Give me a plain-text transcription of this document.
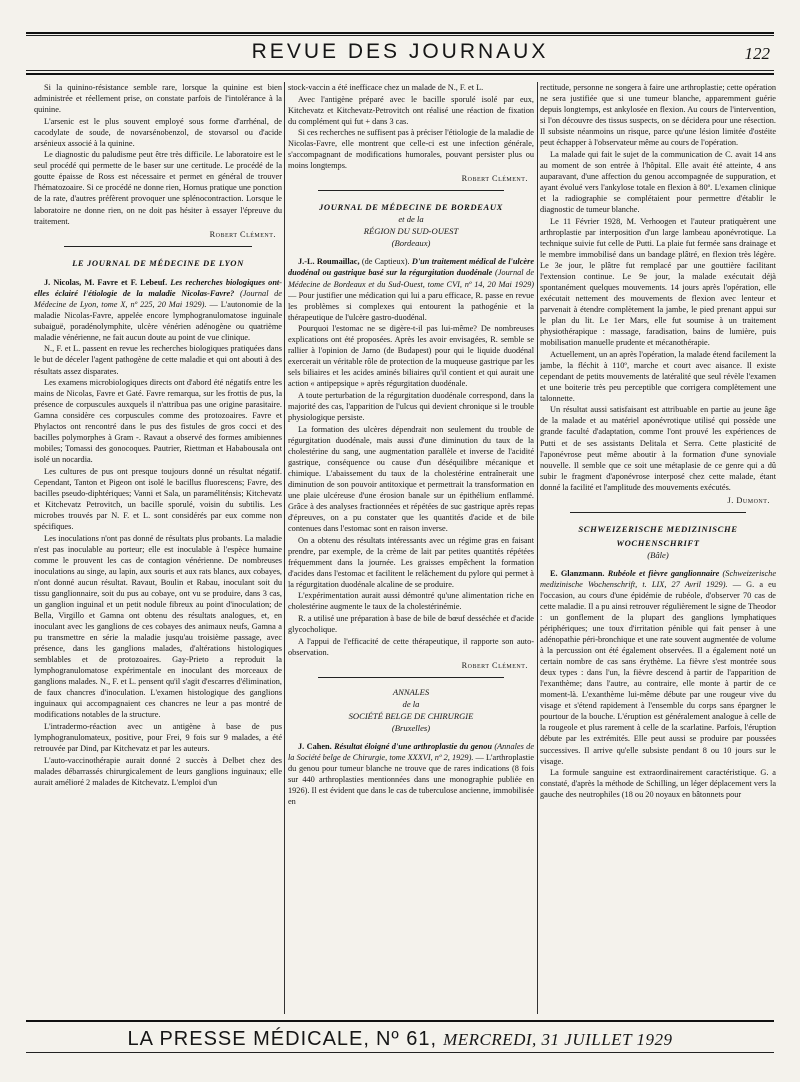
REVUE DES JOURNAUX	122

Si la quinino-résistance semble rare, lorsque la quinine est bien administrée et réellement prise, on constate parfois de l'intolérance à la quinine.

L'arsenic est le plus souvent employé sous forme d'arrhénal, de cacodylate de soude, de novarsénobenzol, de stovarsol ou d'acide arsénieux associé à la quinine.

Le diagnostic du paludisme peut être très difficile. Le laboratoire est le seul procédé qui permette de le baser sur une certitude. Le procédé de la goutte épaisse de Ross est nécessaire et permet en général de trouver l'hématozoaire. Si ce procédé ne donne rien, Hornus pratique une ponction de la rate, d'autres préfèrent provoquer une splénocontraction. Lorsque le laboratoire ne donne rien, on ne doit pas hésiter à essayer l'épreuve du traitement.

Robert Clément.
LE JOURNAL DE MÉDECINE DE LYON

J. Nicolas, M. Favre et F. Lebeuf. Les recherches biologiques ont-elles éclairé l'étiologie de la maladie Nicolas-Favre? (Journal de Médecine de Lyon, tome X, nº 225, 20 Mai 1929). — L'autonomie de la maladie Nicolas-Favre, appelée encore lymphogranulomatose inguinale subaiguë, poradénolymphite, ulcère vénérien adénogène ou quatrième maladie vénérienne, ne fait aucun doute au point de vue clinique.

N., F. et L. passent en revue les recherches biologiques pratiquées dans le but de déceler l'agent pathogène de cette maladie et qui ont abouti à des résultats assez disparates.

Les examens microbiologiques directs ont d'abord été négatifs entre les mains de Nicolas, Favre et Gaté. Favre remarqua, sur les frottis de pus, la présence de corpuscules auxquels il n'attribua pas une origine parasitaire. Gamna considère ces corpuscules comme des protozoaires. Favre et Phylactos ont rencontré dans le pus des fistules de gros cocci et des bacilles polymorphes à Gram -. Ravaut a observé des formes amibiennes mobiles; Tomassi des gonocoques. Pautrier, Riettman et Hababousala ont isolé un nocardia.

Les cultures de pus ont presque toujours donné un résultat négatif. Cependant, Tanton et Pigeon ont isolé le bacillus fluorescens; Favre, des bacilles pseudo-diphtériques; Vanni et Sala, un paraméliténsis; Kitchevatz et Kitchevatz Petrovitch, un bacille sporulé, voisin du subtilis. Les microbes trouvés par N. F. et L. sont considérés par eux comme non spécifiques.

Les inoculations n'ont pas donné de résultats plus probants. La maladie n'est pas inoculable au porteur; elle est inoculable à l'espèce humaine comme le prouvent les cas de contagion vénérienne. De nombreuses inoculations au singe, au lapin, aux souris et aux rats blancs, aux cobayes, n'ont donné aucun résultat. Ravaut, Boulin et Rabau, inoculant soit du tissu ganglionnaire, soit du pus au cobaye, ont vu se produire, dans 3 cas, un ganglion inguinal et un petit nodule fibreux au point d'inoculation; de Bella, Virgillo et Gamna ont obtenu des résultats analogues, et, en inoculant avec les ganglions de ces cobayes des animaux neufs, Gamna a pu transmettre en série la maladie jusqu'au troisième passage, avec présence, dans les ganglions malades, d'altérations histologiques semblables et de protozoaires. Gay-Prieto a reproduit la lymphogranulomatose expérimentale en inoculant des morceaux de ganglions malades. N., F. et L. pensent qu'il s'agit d'escarres d'élimination, de faux chancres d'inoculation. L'examen histologique des ganglions inguinaux qui accompagnaient ces chancres ne leur a pas montré de modifications notables de la structure.

L'intradermo-réaction avec un antigène à base de pus lymphogranulomateux, positive, pour Frei, 9 fois sur 9 malades, a été retrouvée par Dind, par Kitchevatz et par les auteurs.

L'auto-vaccinothérapie aurait donné 2 succès à Delbet chez des malades débarrassés chirurgicalement de leurs ganglions inguinaux; elle aurait amélioré 2 malades de Kitchevatz. L'emploi d'un

stock-vaccin a été inefficace chez un malade de N., F. et L.

Avec l'antigène préparé avec le bacille sporulé isolé par eux, Kitchevatz et Kitchevatz-Petrovitch ont réalisé une réaction de fixation du complément qui fut + dans 3 cas.

Si ces recherches ne suffisent pas à préciser l'étiologie de la maladie de Nicolas-Favre, elle montrent que celle-ci est une infection générale, s'accompagnant de modifications humorales, pouvant persister plus ou moins longtemps.

Robert Clément.
JOURNAL DE MÉDECINE DE BORDEAUX
et de la
RÉGION DU SUD-OUEST
(Bordeaux)

J.-L. Roumaillac, (de Captieux). D'un traitement médical de l'ulcère duodénal ou gastrique basé sur la régurgitation duodénale (Journal de Médecine de Bordeaux et du Sud-Ouest, tome CVI, nº 14, 20 Mai 1929) — Pour justifier une médication qui lui a paru efficace, R. passe en revue les problèmes si complexes qui entourent la pathogénie et la thérapeutique de l'ulcère gastro-duodénal.

Pourquoi l'estomac ne se digère-t-il pas lui-même? De nombreuses explications ont été proposées. Après les avoir envisagées, R. semble se rallier à l'opinion de Jarno (de Budapest) pour qui le liquide duodénal exercerait un véritable rôle de protection de la muqueuse gastrique par les sels biliaires et les acides aminés biliaires qu'il contient et qui aurait une action « antipepsique » après régurgitation duodénale.

A toute perturbation de la régurgitation duodénale correspond, dans la majorité des cas, l'apparition de l'ulcus qui devient chronique si le trouble physiologique persiste.

La formation des ulcères dépendrait non seulement du trouble de régurgitation duodénale, mais aussi d'une diminution du taux de la cholestérine du sang, une augmentation parallèle et inverse de l'acidité gastrique, conséquence ou cause d'un déséquilibre mécanique et chimique. L'abaissement du taux de la cholestérine entraînerait une diminution de son pouvoir antitoxique et permettrait la transformation en une plaie ulcéreuse d'une érosion banale sur un épithélium enflammé. Grâce à des analyses fractionnées et répétées de suc gastrique après repas d'épreuves, on a pu constater que les quantités d'acide et de bile contenues dans l'estomac sont en raison inverse.

On a obtenu des résultats intéressants avec un régime gras en faisant prendre, par exemple, de la crème de lait par petites quantités répétées fréquemment dans la journée. Les graisses empêchent la formation d'acides dans l'estomac et facilitent le relâchement du pylore qui permet à la régurgitation duodénale alcaline de se produire.

L'expérimentation aurait aussi démontré qu'une alimentation riche en cholestérine augmente le taux de la cholestérinémie.

R. a utilisé une préparation à base de bile de bœuf desséchée et d'acide glycocholique.

A l'appui de l'efficacité de cette thérapeutique, il rapporte son auto-observation.

Robert Clément.
ANNALES
de la
SOCIÉTÉ BELGE DE CHIRURGIE
(Bruxelles)

J. Cahen. Résultat éloigné d'une arthroplastie du genou (Annales de la Société belge de Chirurgie, tome XXXVI, nº 2, 1929). — L'arthroplastie du genou pour tumeur blanche ne trouve que de rares indications (8 fois sur 440 arthroplasties mentionnées dans une monographie publiée en 1926). Il est évident que dans le cas de tuberculose ancienne, immobilisée en

rectitude, personne ne songera à faire une arthroplastie; cette opération ne sera justifiée que si une tumeur blanche, apparemment guérie depuis longtemps, est ankylosée en flexion. Au cours de l'intervention, si l'on découvre des tissus suspects, on se décidera pour une résection. Il subsiste néanmoins un risque, parce qu'une lésion limitée d'ostéite peut échapper à l'observateur même au cours de l'opération.

La malade qui fait le sujet de la communication de C. avait 14 ans au moment de son entrée à l'hôpital. Elle avait été atteinte, 4 ans auparavant, d'une affection du genou accompagnée de suppuration, et ayant évolué vers l'ankylose totale en flexion à 80º. L'examen clinique et la radiographie se complétaient pour permettre d'établir le diagnostic de tumeur blanche.

Le 11 Février 1928, M. Verhoogen et l'auteur pratiquèrent une arthroplastie par interposition d'un large lambeau aponévrotique. La technique suivie fut celle de Putti. La plaie fut fermée sans drainage et le membre immobilisé dans un bandage plâtré, en flexion très légère. Le 3e jour, le plâtre fut remplacé par une gouttière facilitant l'extension continue. Le 9e jour, la malade exécutait déjà spontanément quelques mouvements. 14 jours après l'opération, elle exécutait nettement des mouvements de flexion avec lenteur et parvenait à étendre complètement la jambe, le pied prenant appui sur le plan du lit. Le 1er Mars, elle fut soumise à un traitement physiothérapique : massage, faradisation, bains de lumière, puis mobilisation manuelle prudente et mécanothérapie.

Actuellement, un an après l'opération, la malade étend facilement la jambe, la fléchit à 110º, marche et court avec aisance. Il existe cependant de petits mouvements de latéralité que seul révèle l'examen et une boiterie très peu perceptible que corrigera complètement une talonnette.

Un résultat aussi satisfaisant est attribuable en partie au jeune âge de la malade et au matériel aponévrotique utilisé qui possède une grande faculté d'adaptation, comme l'ont prouvé les expériences de Putti et de ses assistants Delitala et Serra. Cette plasticité de l'aponévrose peut même aboutir à la formation d'une synoviale nouvelle. Il semble que ce soit une métaplasie de ce genre qui a dû subir le fragment d'aponévrose interposé chez cette malade, étant donné la facilité et l'amplitude des mouvements exécutés.

J. Dumont.
SCHWEIZERISCHE MEDIZINISCHE
WOCHENSCHRIFT
(Bâle)

E. Glanzmann. Rubéole et fièvre ganglionnaire (Schweizerische medizinische Wochenschrift, t. LIX, 27 Avril 1929). — G. a eu l'occasion, au cours d'une épidémie de rubéole, d'observer 70 cas de cette maladie. Il a pu ainsi retrouver régulièrement le signe de Theodor : un gonflement de la plupart des ganglions lymphatiques périphériques; une toux d'irritation pénible qui fait penser à une adénopathie péri-bronchique et une rate souvent augmentée de volume à la percussion ont été également observées. Il a également noté un certain nombre de cas sans érythème. La fièvre s'est montrée sous deux types : dans l'un, la fièvre descend à partir de l'apparition de l'exanthème; dans l'autre, au contraire, elle monte à partir de ce moment-là. L'exanthème lui-même débute par une rougeur vive du visage et s'étend rapidement à l'ensemble du corps sans épargner le pourtour de la bouche. L'éruption est généralement analogue à celle de la rougeole et plus rarement à celle de la scarlatine. Parfois, l'éruption débute par les extrémités. Elle peut aussi se produire par poussées successives. Il arrive qu'elle subsiste pendant 8 ou 10 jours sur le visage.

La formule sanguine est extraordinairement caractéristique. G. a constaté, d'après la méthode de Schilling, un léger déplacement vers la gauche des neutrophiles (18 ou 20 noyaux en bâtonnets pour

LA PRESSE MÉDICALE, Nº 61, MERCREDI, 31 JUILLET 1929
